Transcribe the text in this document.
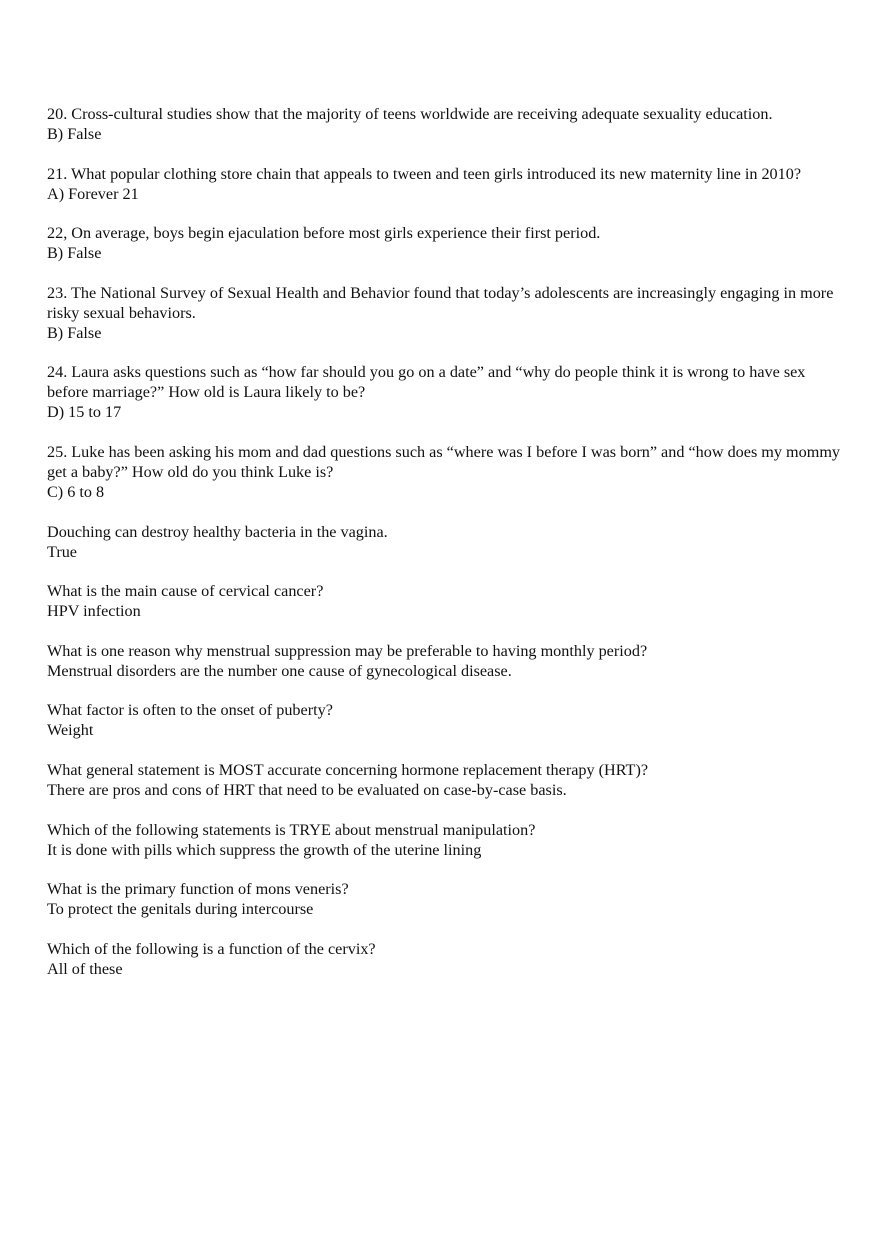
20. Cross-cultural studies show that the majority of teens worldwide are receiving adequate sexuality education.
B) False
21. What popular clothing store chain that appeals to tween and teen girls introduced its new maternity line in 2010?
A) Forever 21
22, On average, boys begin ejaculation before most girls experience their first period.
B) False
23. The National Survey of Sexual Health and Behavior found that today’s adolescents are increasingly engaging in more risky sexual behaviors.
B) False
24. Laura asks questions such as “how far should you go on a date” and “why do people think it is wrong to have sex before marriage?” How old is Laura likely to be?
D) 15 to 17
25. Luke has been asking his mom and dad questions such as “where was I before I was born” and “how does my mommy get a baby?” How old do you think Luke is?
C) 6 to 8
Douching can destroy healthy bacteria in the vagina.
True
What is the main cause of cervical cancer?
HPV infection
What is one reason why menstrual suppression may be preferable to having monthly period?
Menstrual disorders are the number one cause of gynecological disease.
What factor is often to the onset of puberty?
Weight
What general statement is MOST accurate concerning hormone replacement therapy (HRT)?
There are pros and cons of HRT that need to be evaluated on case-by-case basis.
Which of the following statements is TRYE about menstrual manipulation?
It is done with pills which suppress the growth of the uterine lining
What is the primary function of mons veneris?
To protect the genitals during intercourse
Which of the following is a function of the cervix?
All of these
